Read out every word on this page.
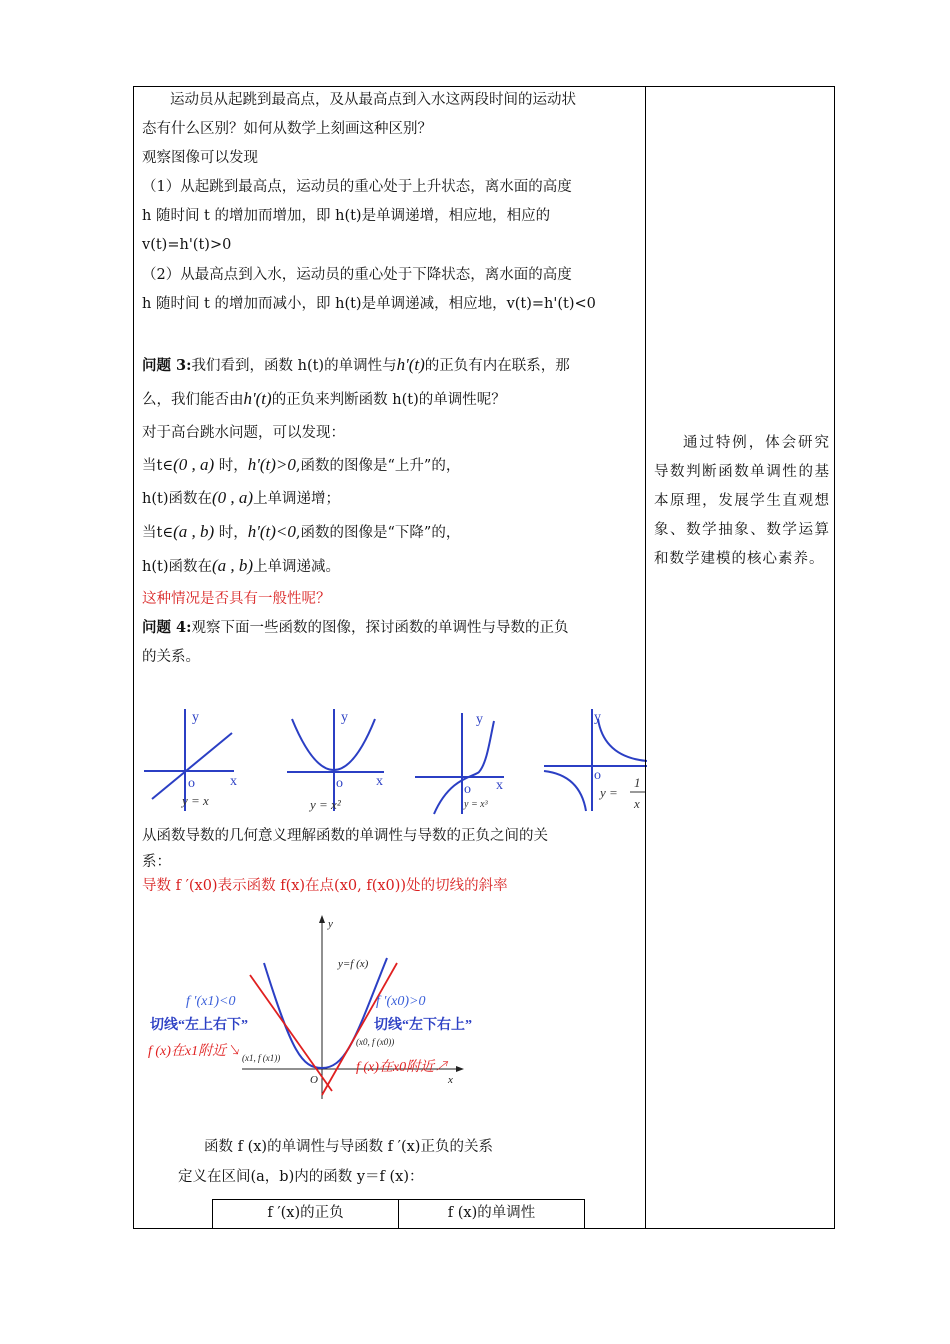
运动员从起跳到最高点，及从最高点到入水这两段时间的运动状
态有什么区别？如何从数学上刻画这种区别？
观察图像可以发现
（1）从起跳到最高点，运动员的重心处于上升状态，离水面的高度
h 随时间 t 的增加而增加，即 h(t)是单调递增，相应地，相应的
v(t)=h'(t)>0
（2）从最高点到入水，运动员的重心处于下降状态，离水面的高度
h 随时间 t 的增加而减小，即 h(t)是单调递减，相应地，v(t)=h'(t)<0
问题 3:我们看到，函数 h(t)的单调性与h'(t)的正负有内在联系，那
么，我们能否由h'(t)的正负来判断函数 h(t)的单调性呢？
对于高台跳水问题，可以发现：
当t∈(0 , a) 时，h'(t)>0,函数的图像是“上升”的，
h(t)函数在(0 , a)上单调递增；
当t∈(a , b) 时，h'(t)<0,函数的图像是“下降”的，
h(t)函数在(a , b)上单调递减。
这种情况是否具有一般性呢？
问题 4:观察下面一些函数的图像，探讨函数的单调性与导数的正负
的关系。
y
x
o
y
x
o
y
x
o
y
o
y = x	y = x²	y = x³
y =
1
x
从函数导数的几何意义理解函数的单调性与导数的正负之间的关
系：
导数 f ′(x0)表示函数 f(x)在点(x0, f(x0))处的切线的斜率
y
x
O
y=f (x)
(x1, f (x1))
(x0, f (x0))
f ′(x1)<0	f ′(x0)>0
切线“左上右下”	切线“左下右上”
f (x)在x1附近↘
f (x)在x0附近↗
函数 f (x)的单调性与导函数 f ′(x)正负的关系
定义在区间(a，b)内的函数 y＝f (x)：
f ′(x)的正负	f (x)的单调性

通过特例，体会研究导数判断函数单调性的基本原理，发展学生直观想象、数学抽象、数学运算和数学建模的核心素养。
